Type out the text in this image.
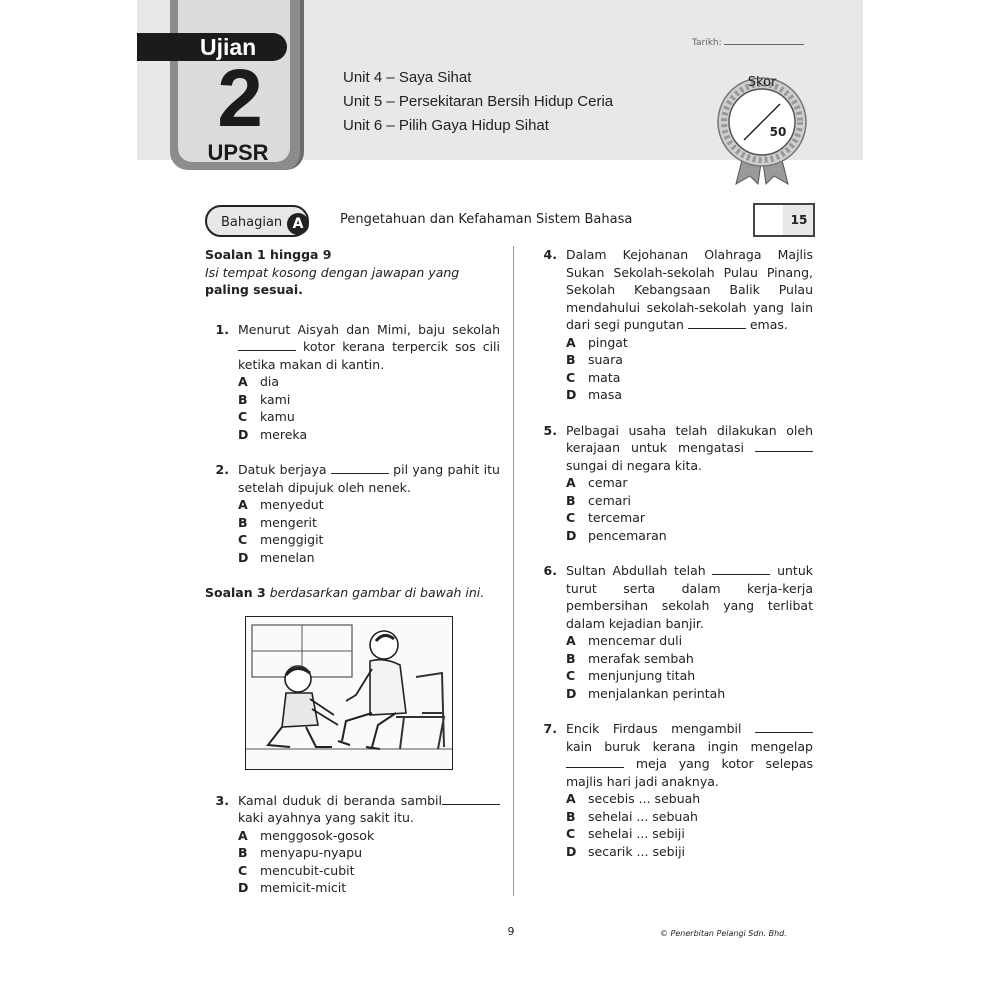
Ujian
2
UPSR
Unit 4 – Saya Sihat
Unit 5 – Persekitaran Bersih Hidup Ceria
Unit 6 – Pilih Gaya Hidup Sihat
Tarikh:
Skor
50
Bahagian A	Pengetahuan dan Kefahaman Sistem Bahasa	15
Soalan 1 hingga 9
Isi tempat kosong dengan jawapan yang
paling sesuai.
1. Menurut Aisyah dan Mimi, baju sekolah  kotor kerana terpercik sos cili ketika makan di kantin.
A dia
B kami
C	kamu
D mereka
2. Datuk berjaya	pil yang pahit itu setelah dipujuk oleh nenek.
A menyedut
B mengerit
C	menggigit
D menelan
Soalan 3 berdasarkan gambar di bawah ini.
3. Kamal duduk di beranda sambil kaki ayahnya yang sakit itu.
A menggosok-gosok
B menyapu-nyapu
C	mencubit-cubit
D memicit-micit
4. Dalam Kejohanan Olahraga Majlis Sukan Sekolah-sekolah Pulau Pinang, Sekolah Kebangsaan Balik Pulau mendahului sekolah-sekolah yang lain dari segi pungutan	emas.
A pingat
B suara
C	mata
D masa
5. Pelbagai usaha telah dilakukan oleh kerajaan untuk mengatasi  sungai di negara kita.
A cemar
B cemari
C	tercemar
D pencemaran
6. Sultan Abdullah telah	untuk turut serta dalam kerja-kerja pembersihan sekolah yang terlibat dalam kejadian banjir.
A mencemar duli
B merafak sembah
C	menjunjung titah
D menjalankan perintah
7. Encik Firdaus mengambil  kain buruk kerana ingin mengelap  meja yang kotor selepas majlis hari jadi anaknya.
A secebis ... sebuah
B sehelai ... sebuah
C	sehelai ... sebiji
D secarik ... sebiji
9	© Penerbitan Pelangi Sdn. Bhd.
